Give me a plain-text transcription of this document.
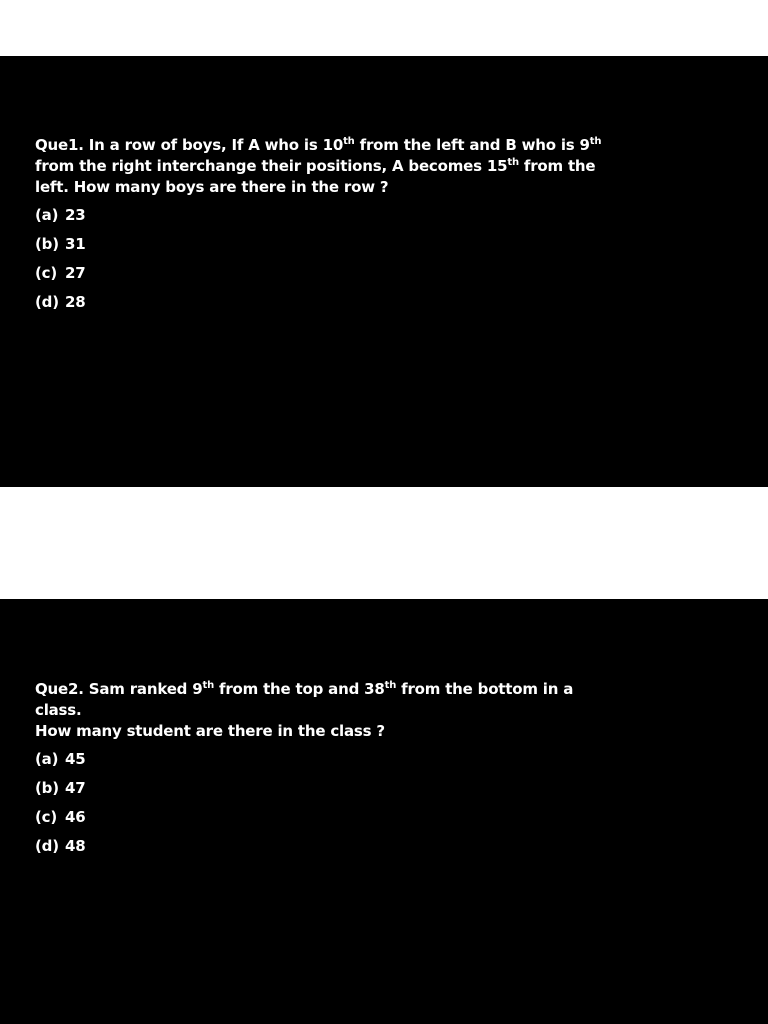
Que1. In a row of boys, If A who is 10th from the left and B who is 9th
from the right interchange their positions, A becomes 15th from the
left. How many boys are there in the row ?
(a) 23
(b) 31
(c) 27
(d) 28
Que2. Sam ranked 9th from the top and 38th from the bottom in a class.
How many student are there in the class ?
(a) 45
(b) 47
(c) 46
(d) 48
